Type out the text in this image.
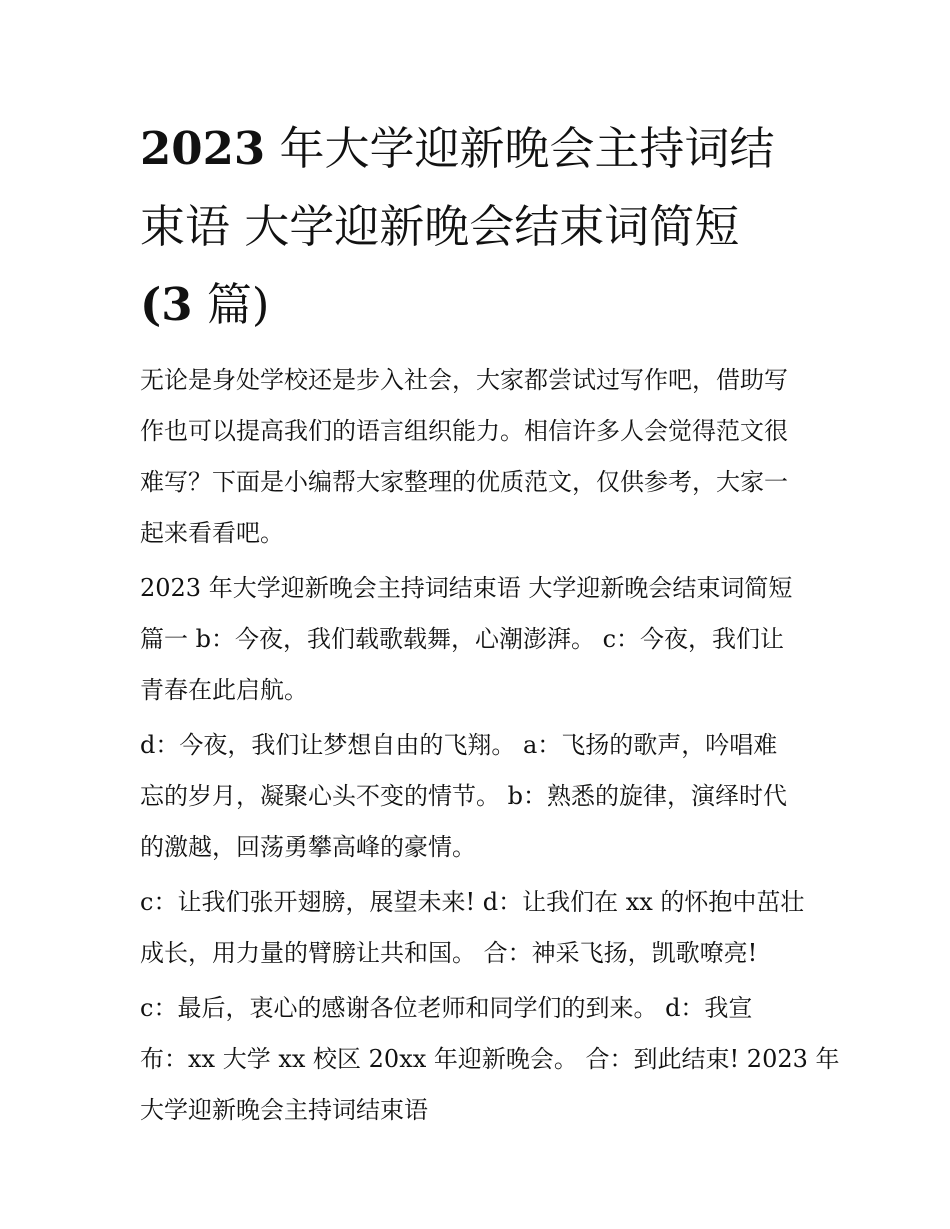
2023 年大学迎新晚会主持词结
束语 大学迎新晚会结束词简短
(3 篇)

无论是身处学校还是步入社会，大家都尝试过写作吧，借助写
作也可以提高我们的语言组织能力。相信许多人会觉得范文很
难写？下面是小编帮大家整理的优质范文，仅供参考，大家一
起来看看吧。

2023 年大学迎新晚会主持词结束语 大学迎新晚会结束词简短
篇一 b：今夜，我们载歌载舞，心潮澎湃。 c：今夜，我们让
青春在此启航。

d：今夜，我们让梦想自由的飞翔。 a：飞扬的歌声，吟唱难
忘的岁月，凝聚心头不变的情节。 b：熟悉的旋律，演绎时代
的激越，回荡勇攀高峰的豪情。

c：让我们张开翅膀，展望未来! d：让我们在 xx 的怀抱中茁壮
成长，用力量的臂膀让共和国。 合：神采飞扬，凯歌嘹亮!

c：最后，衷心的感谢各位老师和同学们的到来。 d：我宣
布：xx 大学 xx 校区 20xx 年迎新晚会。 合：到此结束! 2023 年
大学迎新晚会主持词结束语
